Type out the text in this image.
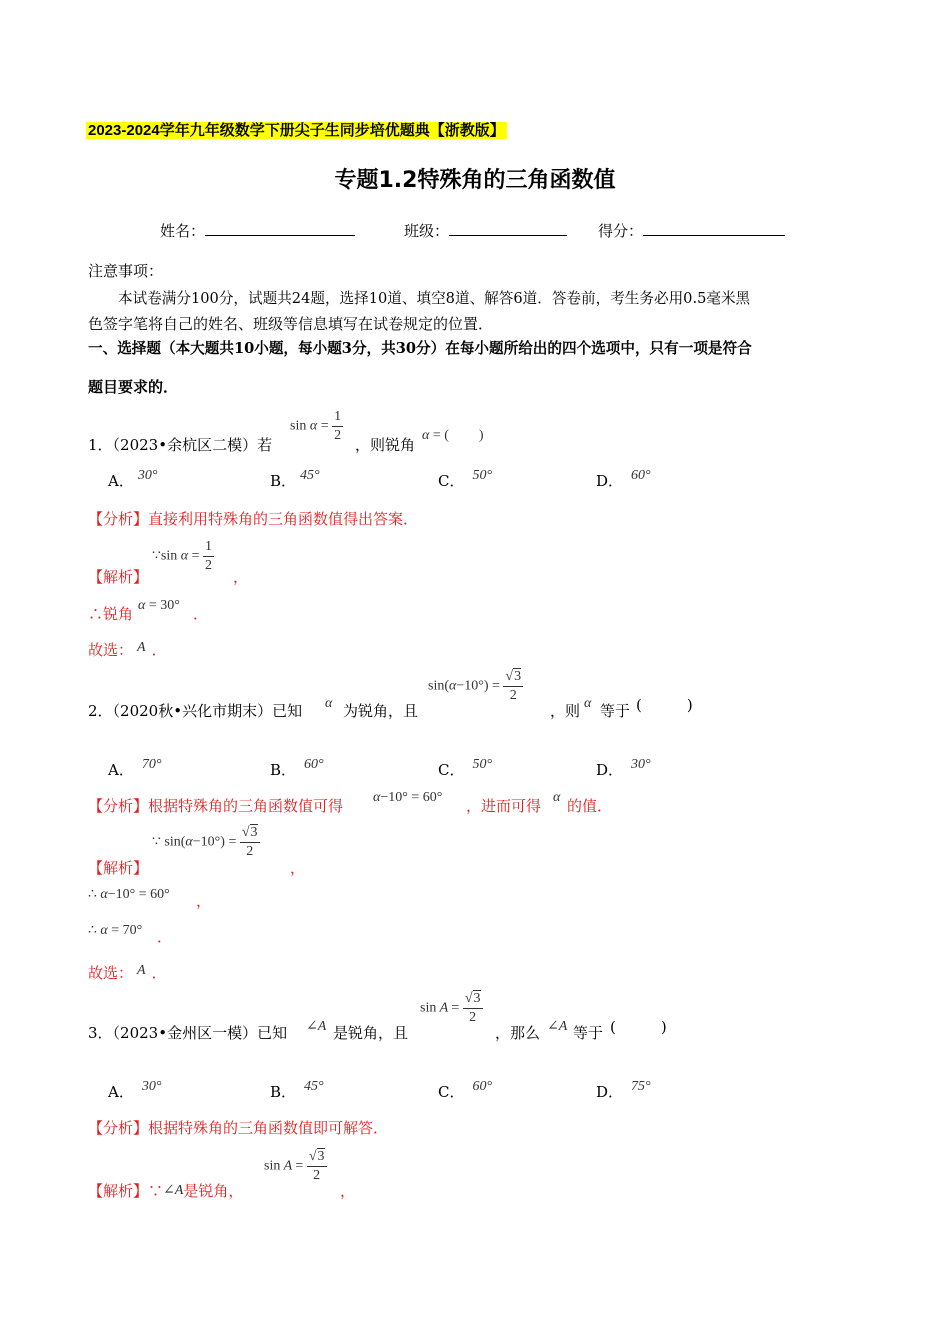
2023-2024学年九年级数学下册尖子生同步培优题典【浙教版】
专题1.2特殊角的三角函数值
姓名：	班级：	得分：
注意事项：
本试卷满分100分，试题共24题，选择10道、填空8道、解答6道．答卷前，考生务必用0.5毫米黑
色签字笔将自己的姓名、班级等信息填写在试卷规定的位置．
一、选择题（本大题共10小题，每小题3分，共30分）在每小题所给出的四个选项中，只有一项是符合
题目要求的．
1．（2023•余杭区二模）若
$\sin \alpha = \frac{1}{2}$
，则锐角
α = ( )
A． 30°	B． 45°	C． 50°	D． 60°
【分析】直接利用特殊角的三角函数值得出答案．
【解析】
∵sin $\alpha = \frac{1}{2}$
，
∴锐角 α = 30° ．
故选： A ．
2．（2020秋•兴化市期末）已知 α 为锐角，且
$\sin(\alpha-10^\circ) = \frac{√3}{2}$
，则 α 等于 (　　　)
A． 70°	B． 60°	C． 50°	D． 30°
【分析】根据特殊角的三角函数值可得 α−10° = 60° ，进而可得 α 的值．
【解析】
∵ $\sin(\alpha-10^\circ) = \frac{√3}{2}$
，
∴ α−10° = 60° ，
∴ α = 70° ．
故选： A ．
3．（2023•金州区一模）已知 ∠A 是锐角，且
$\sin A = \frac{√3}{2}$
，那么 ∠A 等于 (　　　)
A． 30°	B． 45°	C． 60°	D． 75°
【分析】根据特殊角的三角函数值即可解答．
【解析】∵∠A是锐角，
$\sin A = \frac{√3}{2}$
，
